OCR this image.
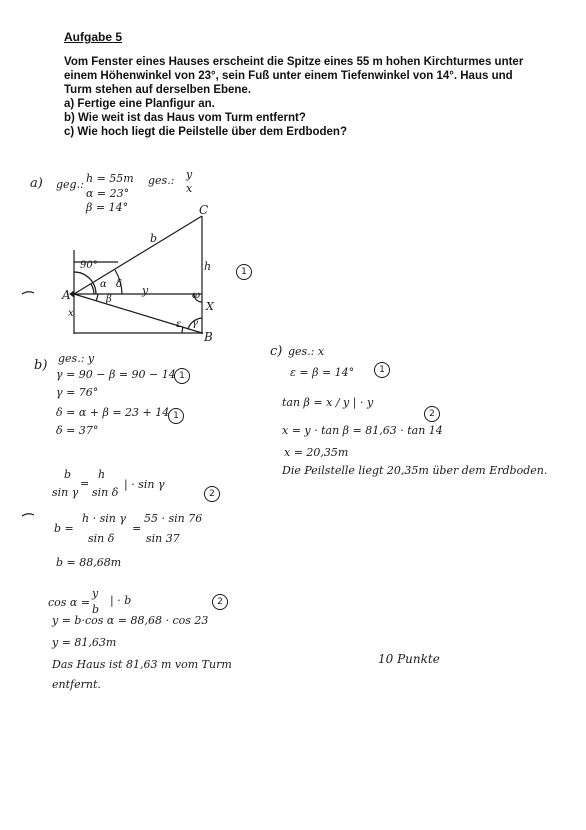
Aufgabe 5
Vom Fenster eines Hauses erscheint die Spitze eines 55 m hohen Kirchturmes unter
einem Höhenwinkel von 23°, sein Fuß unter einem Tiefenwinkel von 14°. Haus und
Turm stehen auf derselben Ebene.
a) Fertige eine Planfigur an.
b) Wie weit ist das Haus vom Turm entfernt?
c) Wie hoch liegt die Peilstelle über dem Erdboden?
a) geg.: h = 55m
α = 23°
β = 14°
ges.: y
x
1
A
B
C
b
h
y
X
x
90°
α δ
β
ε γ
ω
b) ges.: y
γ = 90 − β = 90 − 14
γ = 76°
δ = α + β = 23 + 14
δ = 37°
1
1
b
sin γ
=
h
sin δ
| · sin γ
2
b =
h · sin γ
sin δ
=
55 · sin 76
sin 37
b = 88,68m
cos α =
y
b
| · b	2
y = b·cos α = 88,68 · cos 23
y = 81,63m
Das Haus ist 81,63 m vom Turm
entfernt.
c) ges.: x
ε = β = 14°	1
tan β = x / y | · y
2
x = y · tan β = 81,63 · tan 14
x = 20,35m
Die Peilstelle liegt 20,35m über dem Erdboden.
10 Punkte
